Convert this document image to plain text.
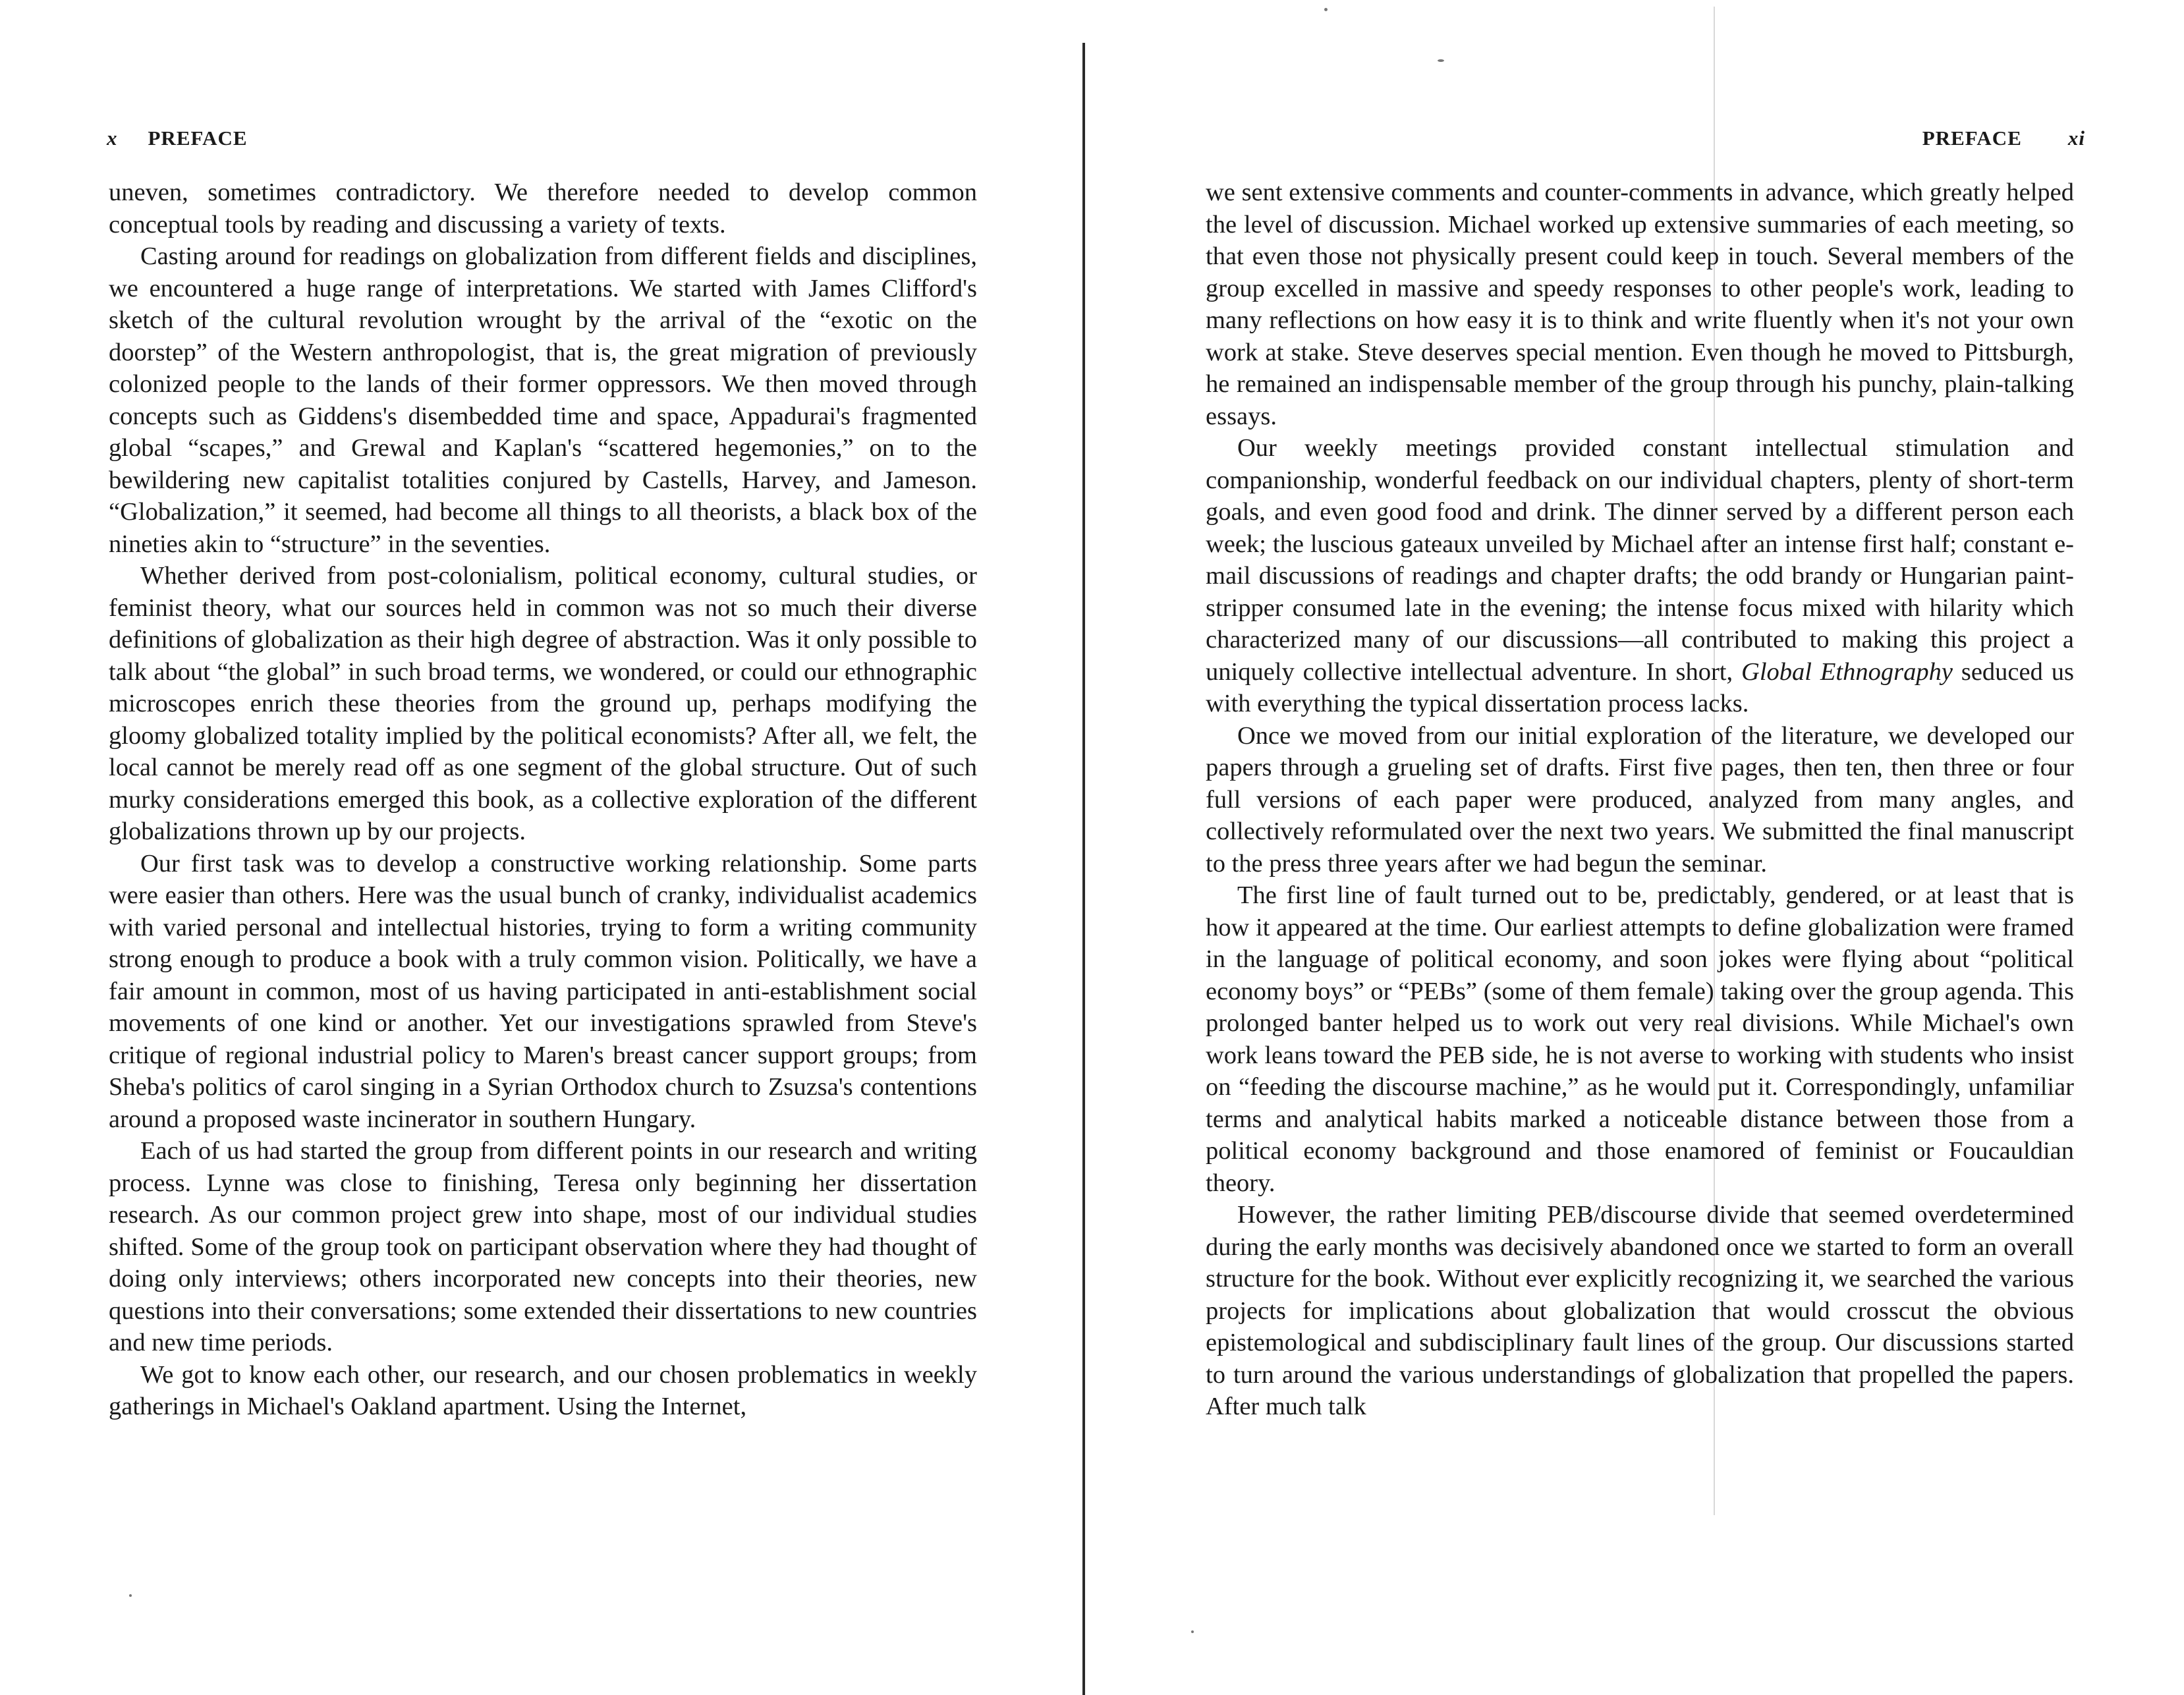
x PREFACE

uneven, sometimes contradictory. We therefore needed to develop common conceptual tools by reading and discussing a variety of texts.

Casting around for readings on globalization from different fields and disciplines, we encountered a huge range of interpretations. We started with James Clifford's sketch of the cultural revolution wrought by the arrival of the “exotic on the doorstep” of the Western anthropologist, that is, the great migration of previously colonized people to the lands of their former oppressors. We then moved through concepts such as Giddens's disembedded time and space, Appadurai's fragmented global “scapes,” and Grewal and Kaplan's “scattered hegemonies,” on to the bewildering new capitalist totalities conjured by Castells, Harvey, and Jameson. “Globalization,” it seemed, had become all things to all theorists, a black box of the nineties akin to “structure” in the seventies.

Whether derived from post-colonialism, political economy, cultural studies, or feminist theory, what our sources held in common was not so much their diverse definitions of globalization as their high degree of abstraction. Was it only possible to talk about “the global” in such broad terms, we wondered, or could our ethnographic microscopes enrich these theories from the ground up, perhaps modifying the gloomy globalized totality implied by the political economists? After all, we felt, the local cannot be merely read off as one segment of the global structure. Out of such murky considerations emerged this book, as a collective exploration of the different globalizations thrown up by our projects.

Our first task was to develop a constructive working relationship. Some parts were easier than others. Here was the usual bunch of cranky, individualist academics with varied personal and intellectual histories, trying to form a writing community strong enough to produce a book with a truly common vision. Politically, we have a fair amount in common, most of us having participated in anti-establishment social movements of one kind or another. Yet our investigations sprawled from Steve's critique of regional industrial policy to Maren's breast cancer support groups; from Sheba's politics of carol singing in a Syrian Orthodox church to Zsuzsa's contentions around a proposed waste incinerator in southern Hungary.

Each of us had started the group from different points in our research and writing process. Lynne was close to finishing, Teresa only beginning her dissertation research. As our common project grew into shape, most of our individual studies shifted. Some of the group took on participant observation where they had thought of doing only interviews; others incorporated new concepts into their theories, new questions into their conversations; some extended their dissertations to new countries and new time periods.

We got to know each other, our research, and our chosen problematics in weekly gatherings in Michael's Oakland apartment. Using the Internet,

PREFACE xi

we sent extensive comments and counter-comments in advance, which greatly helped the level of discussion. Michael worked up extensive summaries of each meeting, so that even those not physically present could keep in touch. Several members of the group excelled in massive and speedy responses to other people's work, leading to many reflections on how easy it is to think and write fluently when it's not your own work at stake. Steve deserves special mention. Even though he moved to Pittsburgh, he remained an indispensable member of the group through his punchy, plain-talking essays.

Our weekly meetings provided constant intellectual stimulation and companionship, wonderful feedback on our individual chapters, plenty of short-term goals, and even good food and drink. The dinner served by a different person each week; the luscious gateaux unveiled by Michael after an intense first half; constant e-mail discussions of readings and chapter drafts; the odd brandy or Hungarian paint-stripper consumed late in the evening; the intense focus mixed with hilarity which characterized many of our discussions—all contributed to making this project a uniquely collective intellectual adventure. In short, Global Ethnography seduced us with everything the typical dissertation process lacks.

Once we moved from our initial exploration of the literature, we developed our papers through a grueling set of drafts. First five pages, then ten, then three or four full versions of each paper were produced, analyzed from many angles, and collectively reformulated over the next two years. We submitted the final manuscript to the press three years after we had begun the seminar.

The first line of fault turned out to be, predictably, gendered, or at least that is how it appeared at the time. Our earliest attempts to define globalization were framed in the language of political economy, and soon jokes were flying about “political economy boys” or “PEBs” (some of them female) taking over the group agenda. This prolonged banter helped us to work out very real divisions. While Michael's own work leans toward the PEB side, he is not averse to working with students who insist on “feeding the discourse machine,” as he would put it. Correspondingly, unfamiliar terms and analytical habits marked a noticeable distance between those from a political economy background and those enamored of feminist or Foucauldian theory.

However, the rather limiting PEB/discourse divide that seemed overdetermined during the early months was decisively abandoned once we started to form an overall structure for the book. Without ever explicitly recognizing it, we searched the various projects for implications about globalization that would crosscut the obvious epistemological and subdisciplinary fault lines of the group. Our discussions started to turn around the various understandings of globalization that propelled the papers. After much talk
